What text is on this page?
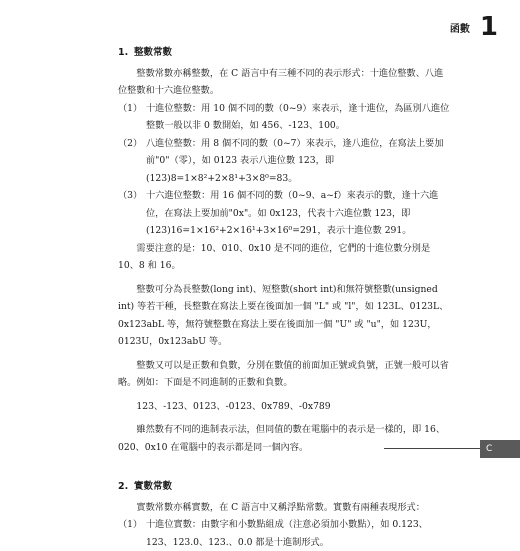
函數 1
1. 整數常數

整數常數亦稱整數，在 C 語言中有三種不同的表示形式：十進位整數、八進位整數和十六進位整數。

（1） 十進位整數：用 10 個不同的數（0~9）來表示，逢十進位，為區別八進位整數一般以非 0 數開始，如 456、-123、100。
（2） 八進位整數：用 8 個不同的數（0~7）來表示，逢八進位，在寫法上要加前"0"（零），如 0123 表示八進位數 123，即(123)8=1×8²+2×8¹+3×8⁰=83。
（3） 十六進位整數：用 16 個不同的數（0~9、a~f）來表示的數，逢十六進位，在寫法上要加前"0x"。如 0x123，代表十六進位數 123，即(123)16=1×16²+2×16¹+3×16⁰=291，表示十進位數 291。

需要注意的是：10、010、0x10 是不同的進位，它們的十進位數分別是 10、8 和 16。

整數可分為長整數(long int)、短整數(short int)和無符號整數(unsigned int) 等若干種，長整數在寫法上要在後面加一個 "L" 或 "l"，如 123L、0123L、0x123abL 等，無符號整數在寫法上要在後面加一個 "U" 或 "u"，如 123U，0123U，0x123abU 等。

整數又可以是正數和負數，分別在數值的前面加正號或負號，正號一般可以省略。例如：下面是不同進制的正數和負數。

123、-123、0123、-0123、0x789、-0x789

雖然數有不同的進制表示法，但同值的數在電腦中的表示是一樣的，即 16、020、0x10 在電腦中的表示都是同一個內容。

2. 實數常數

實數常數亦稱實數，在 C 語言中又稱浮點常數。實數有兩種表現形式：

（1） 十進位實數：由數字和小數點組成（注意必須加小數點），如 0.123、123、123.0、123.、0.0 都是十進制形式。
C
